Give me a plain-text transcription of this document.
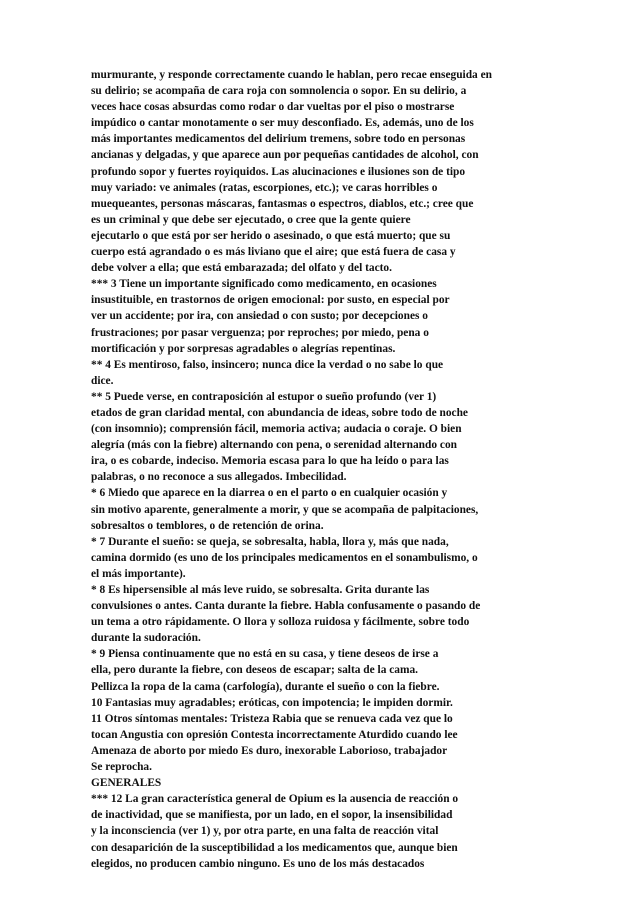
murmurante, y responde correctamente cuando le hablan, pero recae enseguida en
su delirio; se acompaña de cara roja con somnolencia o sopor. En su delirio, a
veces hace cosas absurdas como rodar o dar vueltas por el piso o mostrarse
impúdico o cantar monotamente o ser muy desconfiado. Es, además, uno de los
más importantes medicamentos del delirium tremens, sobre todo en personas
ancianas y delgadas, y que aparece aun por pequeñas cantidades de alcohol, con
profundo sopor y fuertes royiquidos. Las alucinaciones e ilusiones son de tipo
muy variado: ve animales (ratas, escorpiones, etc.); ve caras horribles o
muequeantes, personas máscaras, fantasmas o espectros, diablos, etc.; cree que
es un criminal y que debe ser ejecutado, o cree que la gente quiere
ejecutarlo o que está por ser herido o asesinado, o que está muerto; que su
cuerpo está agrandado o es más liviano que el aire; que está fuera de casa y
debe volver a ella; que está embarazada; del olfato y del tacto.
*** 3 Tiene un importante significado como medicamento, en ocasiones
insustituible, en trastornos de origen emocional: por susto, en especial por
ver un accidente; por ira, con ansiedad o con susto; por decepciones o
frustraciones; por pasar verguenza; por reproches; por miedo, pena o
mortificación y por sorpresas agradables o alegrías repentinas.
** 4 Es mentiroso, falso, insincero; nunca dice la verdad o no sabe lo que
dice.
** 5 Puede verse, en contraposición al estupor o sueño profundo (ver 1)
etados de gran claridad mental, con abundancia de ideas, sobre todo de noche
(con insomnio); comprensión fácil, memoria activa; audacia o coraje. O bien
alegría (más con la fiebre) alternando con pena, o serenidad alternando con
ira, o es cobarde, indeciso. Memoria escasa para lo que ha leído o para las
palabras, o no reconoce a sus allegados. Imbecilidad.
* 6 Miedo que aparece en la diarrea o en el parto o en cualquier ocasión y
sin motivo aparente, generalmente a morir, y que se acompaña de palpitaciones,
sobresaltos o temblores, o de retención de orina.
* 7 Durante el sueño: se queja, se sobresalta, habla, llora y, más que nada,
camina dormido (es uno de los principales medicamentos en el sonambulismo, o
el más importante).
* 8 Es hipersensible al más leve ruido, se sobresalta. Grita durante las
convulsiones o antes. Canta durante la fiebre. Habla confusamente o pasando de
un tema a otro rápidamente. O llora y solloza ruidosa y fácilmente, sobre todo
durante la sudoración.
* 9 Piensa continuamente que no está en su casa, y tiene deseos de irse a
ella, pero durante la fiebre, con deseos de escapar; salta de la cama.
Pellizca la ropa de la cama (carfología), durante el sueño o con la fiebre.
10 Fantasias muy agradables; eróticas, con impotencia; le impiden dormir.
11 Otros síntomas mentales: Tristeza Rabia que se renueva cada vez que lo
tocan Angustia con opresión Contesta incorrectamente Aturdido cuando lee
Amenaza de aborto por miedo Es duro, inexorable Laborioso, trabajador
Se reprocha.
GENERALES
*** 12 La gran característica general de Opium es la ausencia de reacción o
de inactividad, que se manifiesta, por un lado, en el sopor, la insensibilidad
y la inconsciencia (ver 1) y, por otra parte, en una falta de reacción vital
con desaparición de la susceptibilidad a los medicamentos que, aunque bien
elegidos, no producen cambio ninguno. Es uno de los más destacados
